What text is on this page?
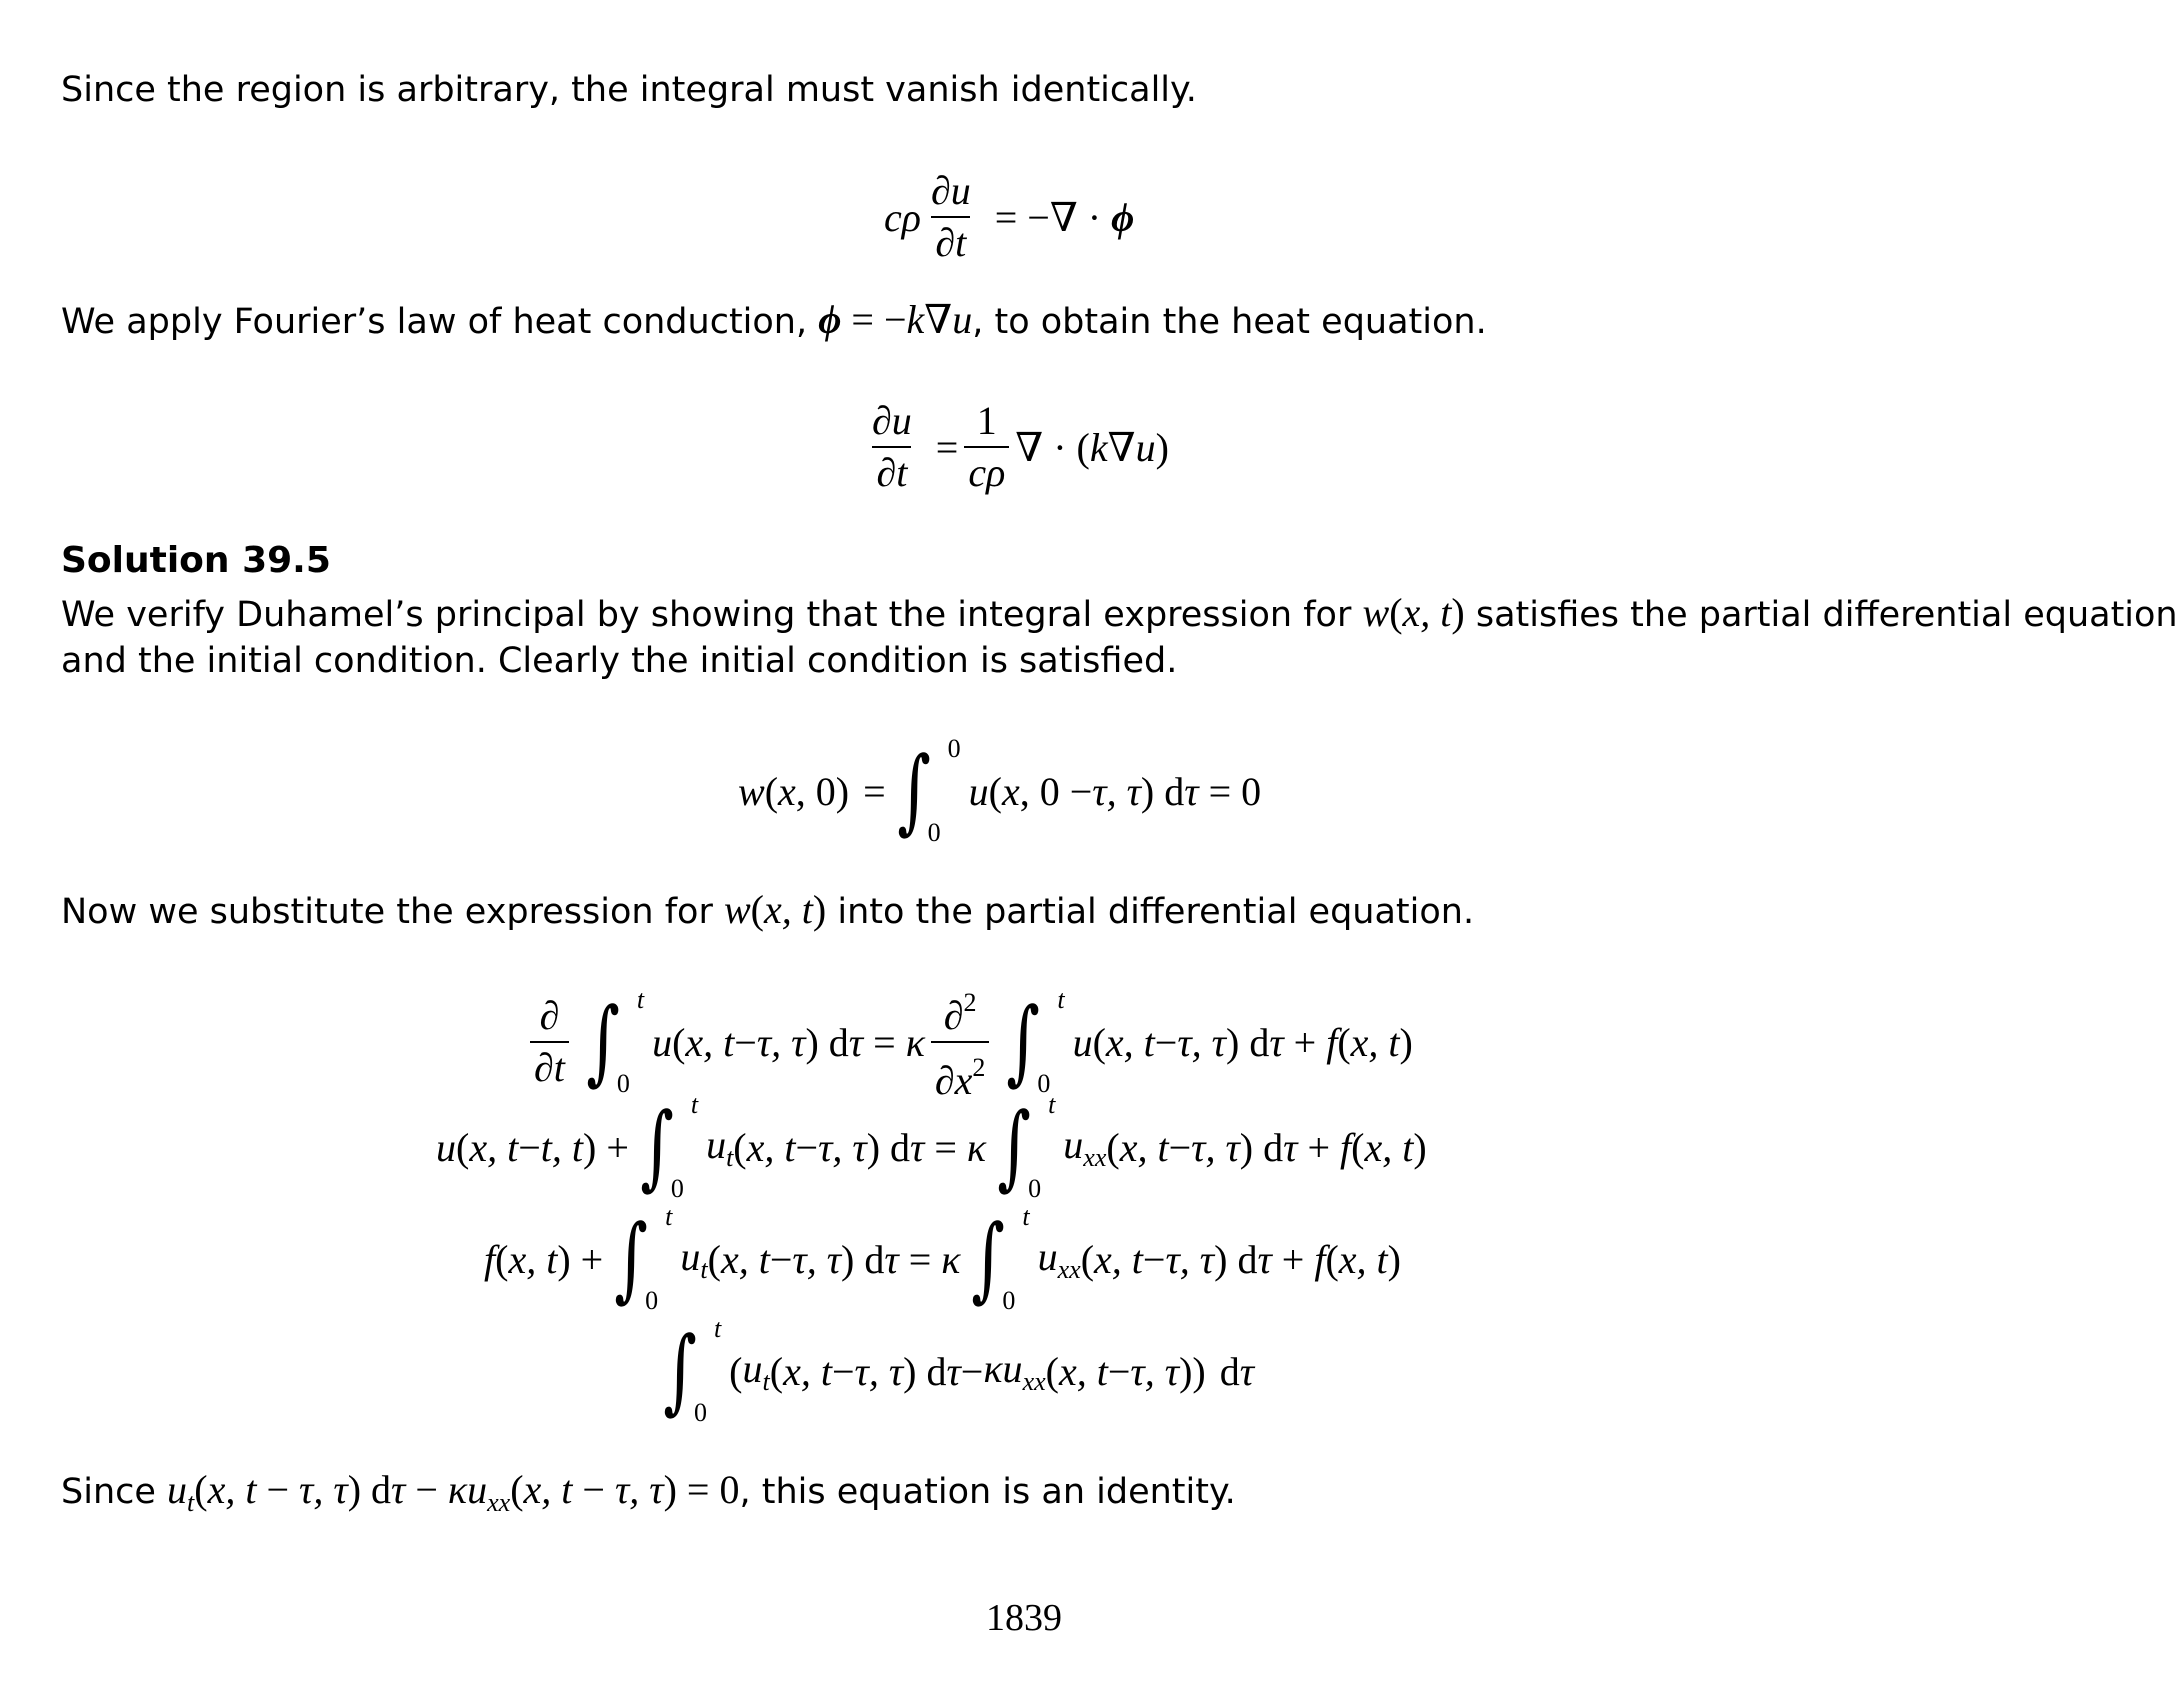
Since the region is arbitrary, the integral must vanish identically.
cρ $\frac{\partial u}{\partial t}$ = −∇ · ϕ
We apply Fourier’s law of heat conduction, ϕ = −k∇u, to obtain the heat equation.
$\frac{\partial u}{\partial t} = \frac{1}{c\rho}$ ∇ · ( k ∇ u )
Solution 39.5
We verify Duhamel’s principal by showing that the integral expression for w(x, t) satisfies the partial differential equation
and the initial condition. Clearly the initial condition is satisfied.
w ( x , 0)
= ∫ 0
0
u ( x , 0 − τ, τ ) d τ = 0
Now we substitute the expression for w(x, t) into the partial differential equation.
$\frac{\partial}{\partial t}$ ∫ t
0
u ( x, t − τ, τ ) d τ = κ $\frac{\partial^2}{\partial x^2}$ ∫ t
0
u ( x, t − τ, τ ) d τ + f ( x, t )
u ( x, t − t, t ) + ∫ t
0
$u_t$ ( x, t − τ, τ ) d τ = κ ∫ t
0
$u_{xx}$ ( x, t − τ, τ ) d τ + f ( x, t )
f ( x, t ) + ∫ t
0
$u_t$ ( x, t − τ, τ ) d τ = κ ∫ t
0
$u_{xx}$ ( x, t − τ, τ ) d τ + f ( x, t )
∫ t
0
( $u_t$ ( x, t − τ, τ ) d $\tau - \kappa u_{xx}$ ( x, t − τ, τ ))
d τ
Since $u_t(x$, t − τ, τ) $d\tau - \kappa u_{xx}(x$, t − τ, τ) = 0, this equation is an identity.
1839
